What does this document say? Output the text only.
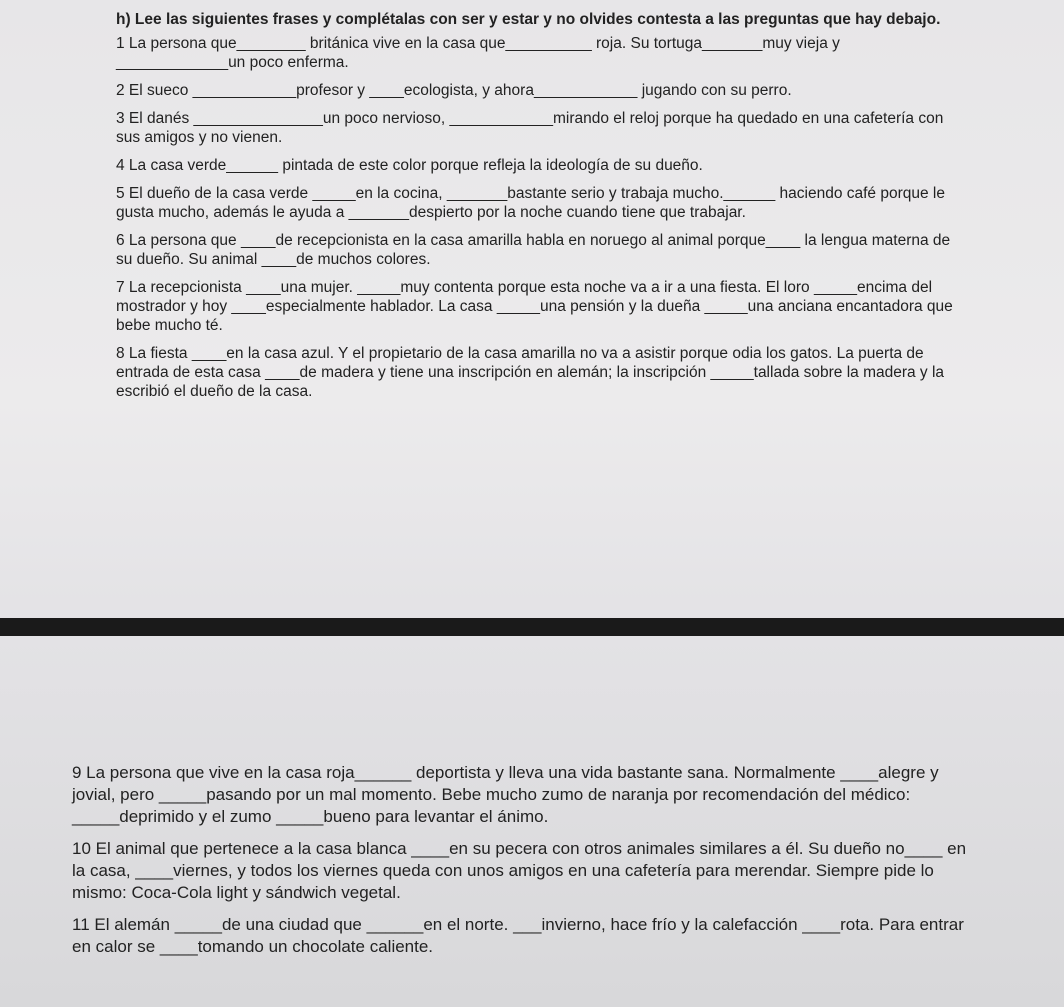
h) Lee las siguientes frases y complétalas con ser y estar y no olvides contesta a las preguntas que hay debajo.
1 La persona que________ británica vive en la casa que__________ roja. Su tortuga_______muy vieja y _____________un poco enferma.
2 El sueco ____________profesor y ____ecologista, y ahora____________ jugando con su perro.
3 El danés _______________un poco nervioso, ____________mirando el reloj porque ha quedado en una cafetería con sus amigos y no vienen.
4 La casa verde______ pintada de este color porque refleja la ideología de su dueño.
5 El dueño de la casa verde _____en la cocina, _______bastante serio y trabaja mucho.______ haciendo café porque le gusta mucho, además le ayuda a _______despierto por la noche cuando tiene que trabajar.
6 La persona que ____de recepcionista en la casa amarilla habla en noruego al animal porque____ la lengua materna de su dueño. Su animal ____de muchos colores.
7 La recepcionista ____una mujer. _____muy contenta porque esta noche va a ir a una fiesta. El loro _____encima del mostrador y hoy ____especialmente hablador. La casa _____una pensión y la dueña _____una anciana encantadora que bebe mucho té.
8 La fiesta ____en la casa azul. Y el propietario de la casa amarilla no va a asistir porque odia los gatos. La puerta de entrada de esta casa ____de madera y tiene una inscripción en alemán; la inscripción _____tallada sobre la madera y la escribió el dueño de la casa.
9 La persona que vive en la casa roja______ deportista y lleva una vida bastante sana. Normalmente ____alegre y jovial, pero _____pasando por un mal momento. Bebe mucho zumo de naranja por recomendación del médico: _____deprimido y el zumo _____bueno para levantar el ánimo.
10 El animal que pertenece a la casa blanca ____en su pecera con otros animales similares a él. Su dueño no____ en la casa, ____viernes, y todos los viernes queda con unos amigos en una cafetería para merendar. Siempre pide lo mismo: Coca-Cola light y sándwich vegetal.
11 El alemán _____de una ciudad que ______en el norte. ___invierno, hace frío y la calefacción ____rota. Para entrar en calor se ____tomando un chocolate caliente.
